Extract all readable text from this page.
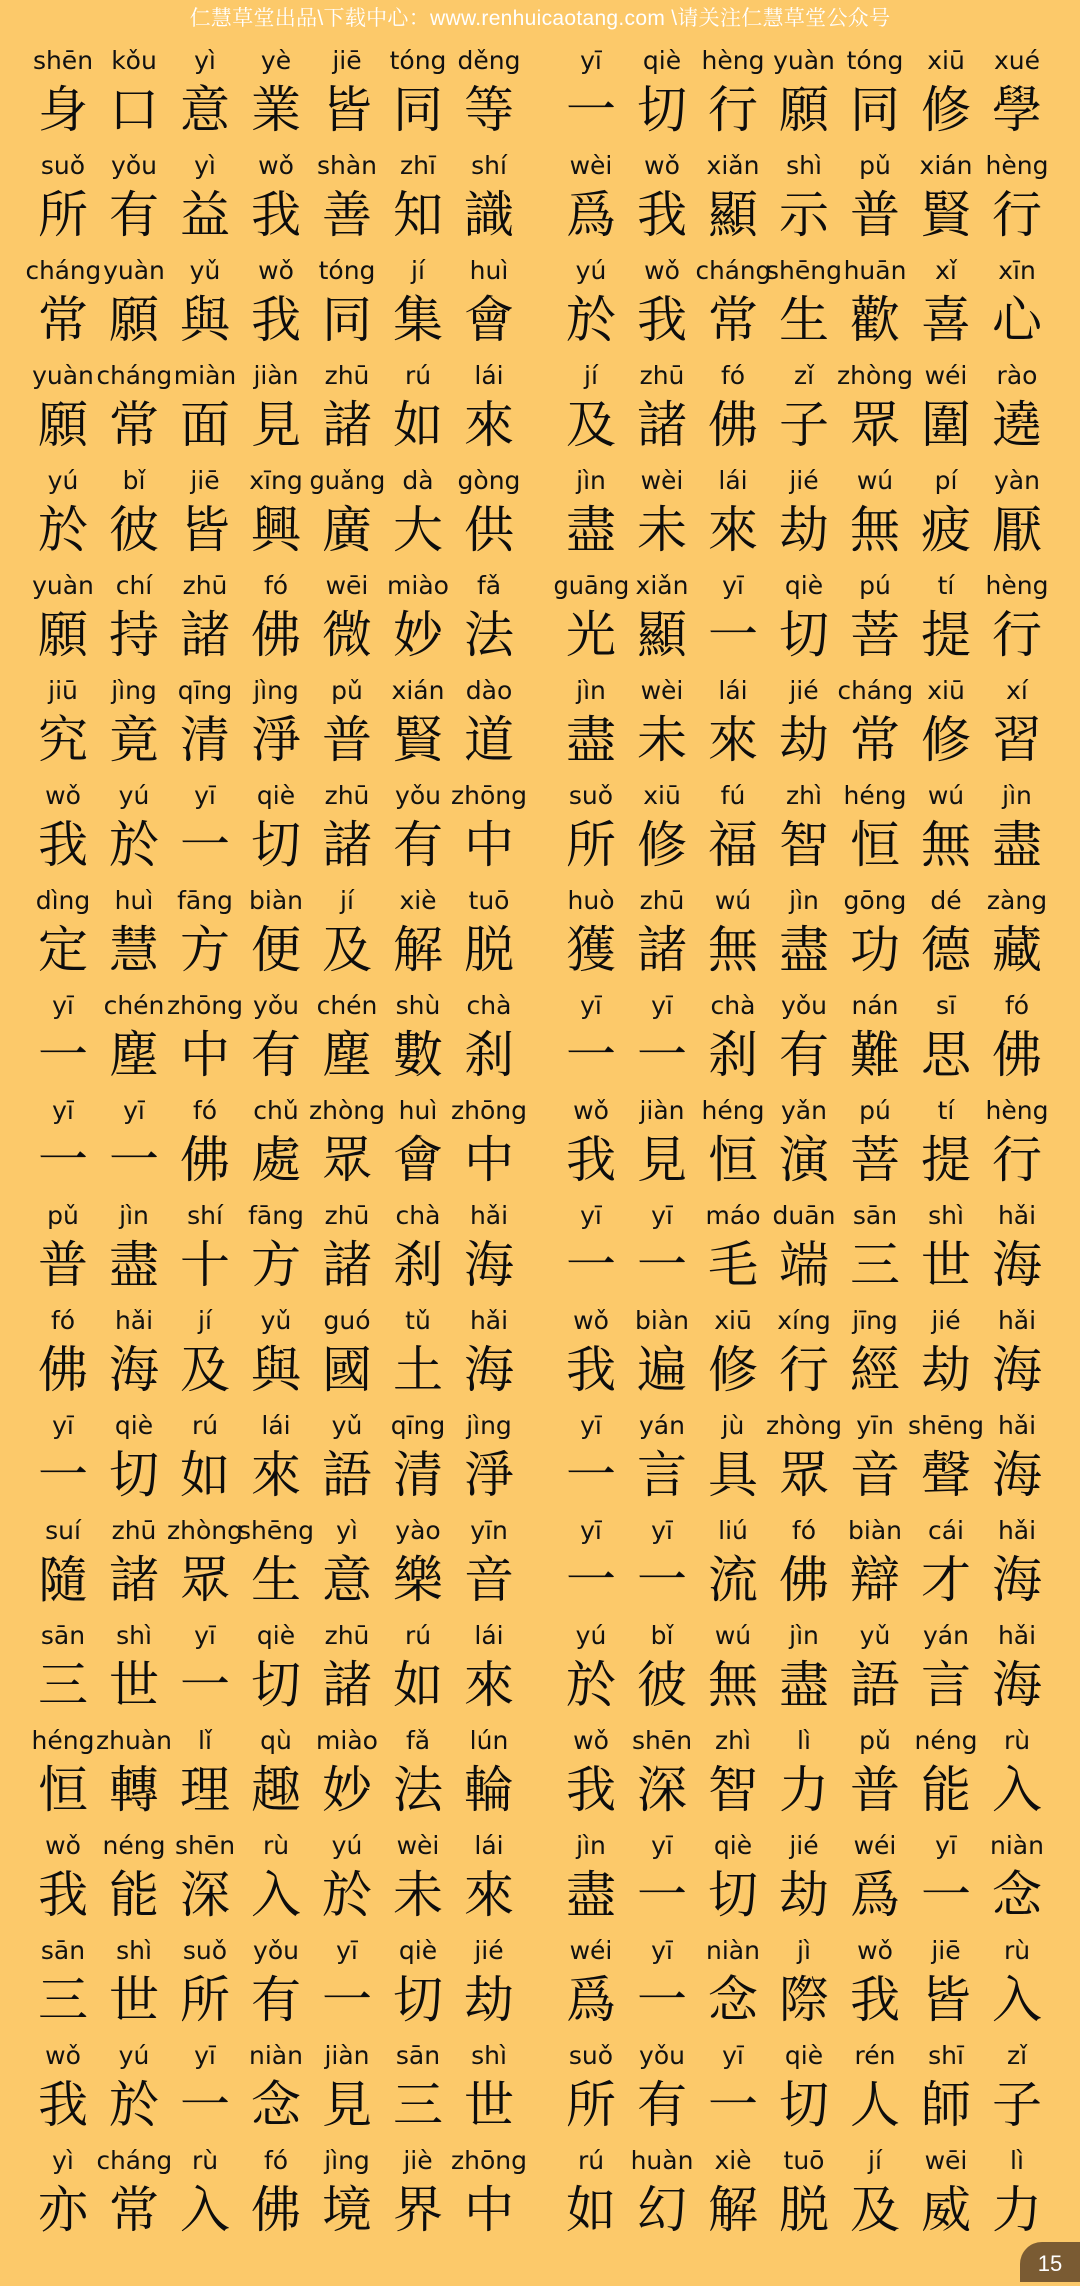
仁慧草堂出品\下载中心：www.renhuicaotang.com \请关注仁慧草堂公众号
shēn
身
kǒu
口
yì
意
yè
業
jiē
皆
tóng
同
děng
等
yī
一
qiè
切
hèng
行
yuàn
願
tóng
同
xiū
修
xué
學
suǒ
所
yǒu
有
yì
益
wǒ
我
shàn
善
zhī
知
shí
識
wèi
爲
wǒ
我
xiǎn
顯
shì
示
pǔ
普
xián
賢
hèng
行
cháng
常
yuàn
願
yǔ
與
wǒ
我
tóng
同
jí
集
huì
會
yú
於
wǒ
我
cháng
常
shēng
生
huān
歡
xǐ
喜
xīn
心
yuàn
願
cháng
常
miàn
面
jiàn
見
zhū
諸
rú
如
lái
來
jí
及
zhū
諸
fó
佛
zǐ
子
zhòng
眾
wéi
圍
rào
遶
yú
於
bǐ
彼
jiē
皆
xīng
興
guǎng
廣
dà
大
gòng
供
jìn
盡
wèi
未
lái
來
jié
劫
wú
無
pí
疲
yàn
厭
yuàn
願
chí
持
zhū
諸
fó
佛
wēi
微
miào
妙
fǎ
法
guāng
光
xiǎn
顯
yī
一
qiè
切
pú
菩
tí
提
hèng
行
jiū
究
jìng
竟
qīng
清
jìng
淨
pǔ
普
xián
賢
dào
道
jìn
盡
wèi
未
lái
來
jié
劫
cháng
常
xiū
修
xí
習
wǒ
我
yú
於
yī
一
qiè
切
zhū
諸
yǒu
有
zhōng
中
suǒ
所
xiū
修
fú
福
zhì
智
héng
恒
wú
無
jìn
盡
dìng
定
huì
慧
fāng
方
biàn
便
jí
及
xiè
解
tuō
脱
huò
獲
zhū
諸
wú
無
jìn
盡
gōng
功
dé
德
zàng
藏
yī
一
chén
塵
zhōng
中
yǒu
有
chén
塵
shù
數
chà
刹
yī
一
yī
一
chà
刹
yǒu
有
nán
難
sī
思
fó
佛
yī
一
yī
一
fó
佛
chǔ
處
zhòng
眾
huì
會
zhōng
中
wǒ
我
jiàn
見
héng
恒
yǎn
演
pú
菩
tí
提
hèng
行
pǔ
普
jìn
盡
shí
十
fāng
方
zhū
諸
chà
刹
hǎi
海
yī
一
yī
一
máo
毛
duān
端
sān
三
shì
世
hǎi
海
fó
佛
hǎi
海
jí
及
yǔ
與
guó
國
tǔ
土
hǎi
海
wǒ
我
biàn
遍
xiū
修
xíng
行
jīng
經
jié
劫
hǎi
海
yī
一
qiè
切
rú
如
lái
來
yǔ
語
qīng
清
jìng
淨
yī
一
yán
言
jù
具
zhòng
眾
yīn
音
shēng
聲
hǎi
海
suí
隨
zhū
諸
zhòng
眾
shēng
生
yì
意
yào
樂
yīn
音
yī
一
yī
一
liú
流
fó
佛
biàn
辯
cái
才
hǎi
海
sān
三
shì
世
yī
一
qiè
切
zhū
諸
rú
如
lái
來
yú
於
bǐ
彼
wú
無
jìn
盡
yǔ
語
yán
言
hǎi
海
héng
恒
zhuàn
轉
lǐ
理
qù
趣
miào
妙
fǎ
法
lún
輪
wǒ
我
shēn
深
zhì
智
lì
力
pǔ
普
néng
能
rù
入
wǒ
我
néng
能
shēn
深
rù
入
yú
於
wèi
未
lái
來
jìn
盡
yī
一
qiè
切
jié
劫
wéi
爲
yī
一
niàn
念
sān
三
shì
世
suǒ
所
yǒu
有
yī
一
qiè
切
jié
劫
wéi
爲
yī
一
niàn
念
jì
際
wǒ
我
jiē
皆
rù
入
wǒ
我
yú
於
yī
一
niàn
念
jiàn
見
sān
三
shì
世
suǒ
所
yǒu
有
yī
一
qiè
切
rén
人
shī
師
zǐ
子
yì
亦
cháng
常
rù
入
fó
佛
jìng
境
jiè
界
zhōng
中
rú
如
huàn
幻
xiè
解
tuō
脱
jí
及
wēi
威
lì
力
15
